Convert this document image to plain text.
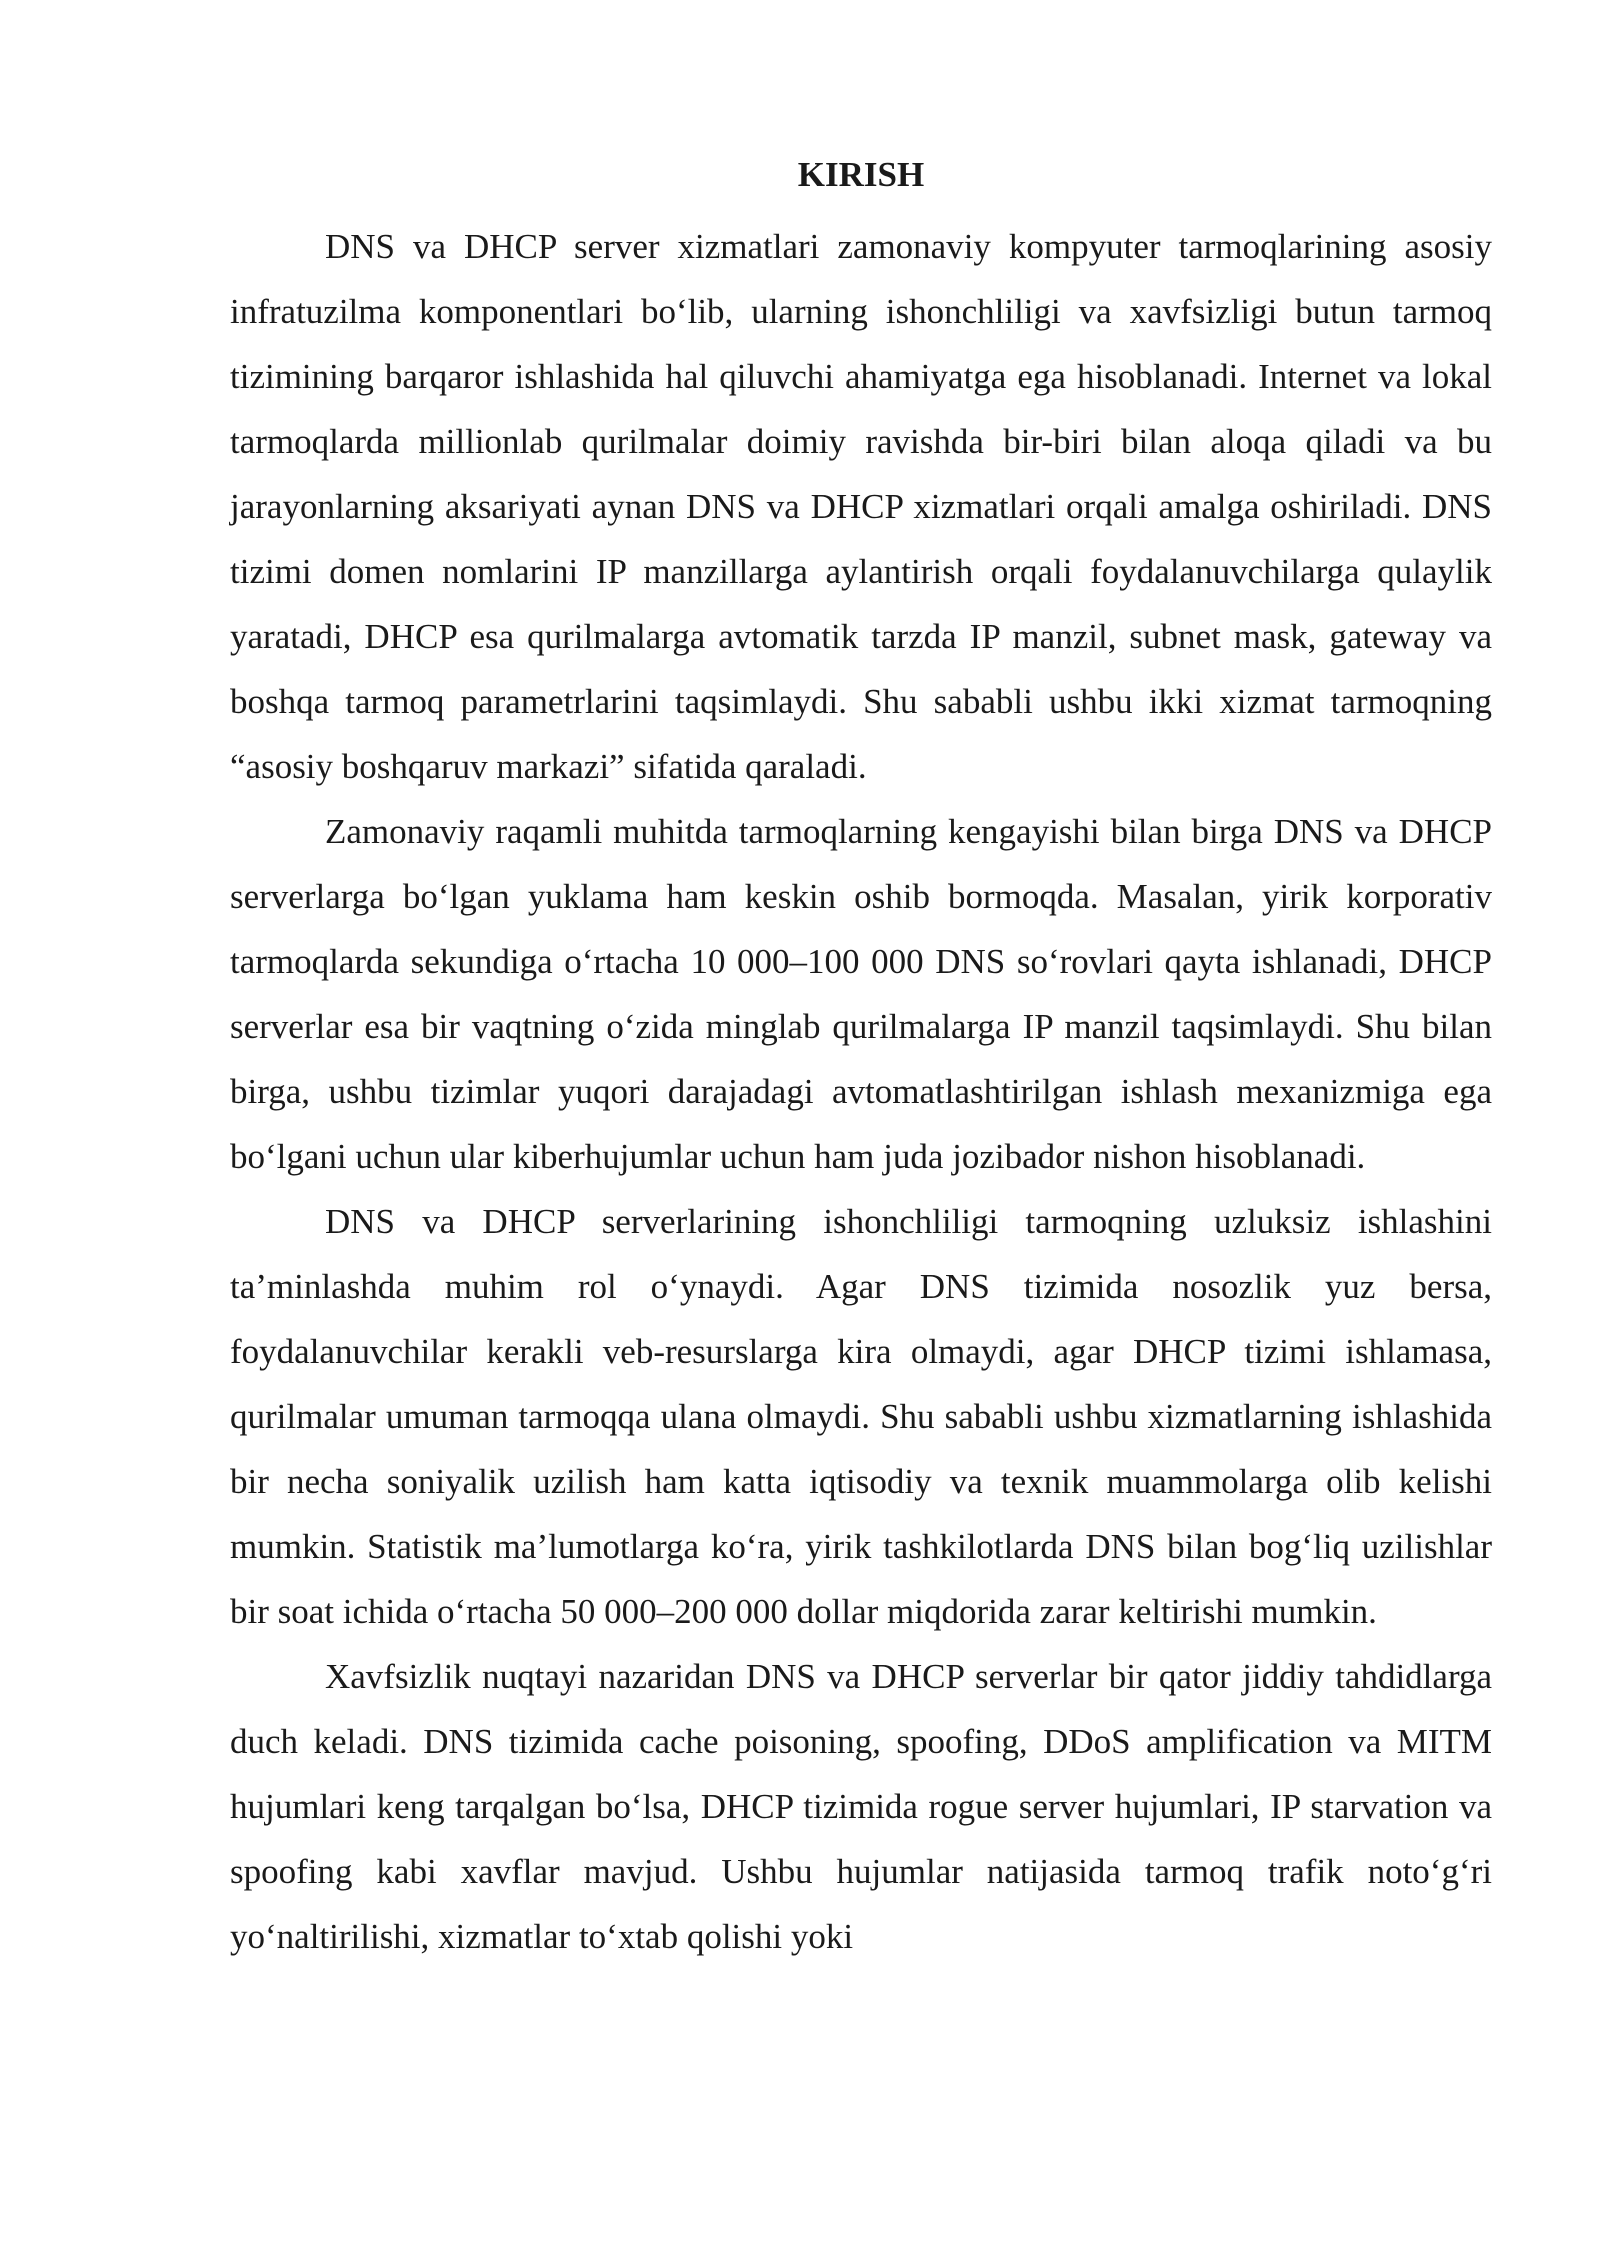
KIRISH

DNS va DHCP server xizmatlari zamonaviy kompyuter tarmoqlarining asosiy infratuzilma komponentlari bo‘lib, ularning ishonchliligi va xavfsizligi butun tarmoq tizimining barqaror ishlashida hal qiluvchi ahamiyatga ega hisoblanadi. Internet va lokal tarmoqlarda millionlab qurilmalar doimiy ravishda bir-biri bilan aloqa qiladi va bu jarayonlarning aksariyati aynan DNS va DHCP xizmatlari orqali amalga oshiriladi. DNS tizimi domen nomlarini IP manzillarga aylantirish orqali foydalanuvchilarga qulaylik yaratadi, DHCP esa qurilmalarga avtomatik tarzda IP manzil, subnet mask, gateway va boshqa tarmoq parametrlarini taqsimlaydi. Shu sababli ushbu ikki xizmat tarmoqning “asosiy boshqaruv markazi” sifatida qaraladi.

Zamonaviy raqamli muhitda tarmoqlarning kengayishi bilan birga DNS va DHCP serverlarga bo‘lgan yuklama ham keskin oshib bormoqda. Masalan, yirik korporativ tarmoqlarda sekundiga o‘rtacha 10 000–100 000 DNS so‘rovlari qayta ishlanadi, DHCP serverlar esa bir vaqtning o‘zida minglab qurilmalarga IP manzil taqsimlaydi. Shu bilan birga, ushbu tizimlar yuqori darajadagi avtomatlashtirilgan ishlash mexanizmiga ega bo‘lgani uchun ular kiberhujumlar uchun ham juda jozibador nishon hisoblanadi.

DNS va DHCP serverlarining ishonchliligi tarmoqning uzluksiz ishlashini ta’minlashda muhim rol o‘ynaydi. Agar DNS tizimida nosozlik yuz bersa, foydalanuvchilar kerakli veb-resurslarga kira olmaydi, agar DHCP tizimi ishlamasa, qurilmalar umuman tarmoqqa ulana olmaydi. Shu sababli ushbu xizmatlarning ishlashida bir necha soniyalik uzilish ham katta iqtisodiy va texnik muammolarga olib kelishi mumkin. Statistik ma’lumotlarga ko‘ra, yirik tashkilotlarda DNS bilan bog‘liq uzilishlar bir soat ichida o‘rtacha 50 000–200 000 dollar miqdorida zarar keltirishi mumkin.

Xavfsizlik nuqtayi nazaridan DNS va DHCP serverlar bir qator jiddiy tahdidlarga duch keladi. DNS tizimida cache poisoning, spoofing, DDoS amplification va MITM hujumlari keng tarqalgan bo‘lsa, DHCP tizimida rogue server hujumlari, IP starvation va spoofing kabi xavflar mavjud. Ushbu hujumlar natijasida tarmoq trafik noto‘g‘ri yo‘naltirilishi, xizmatlar to‘xtab qolishi yoki
